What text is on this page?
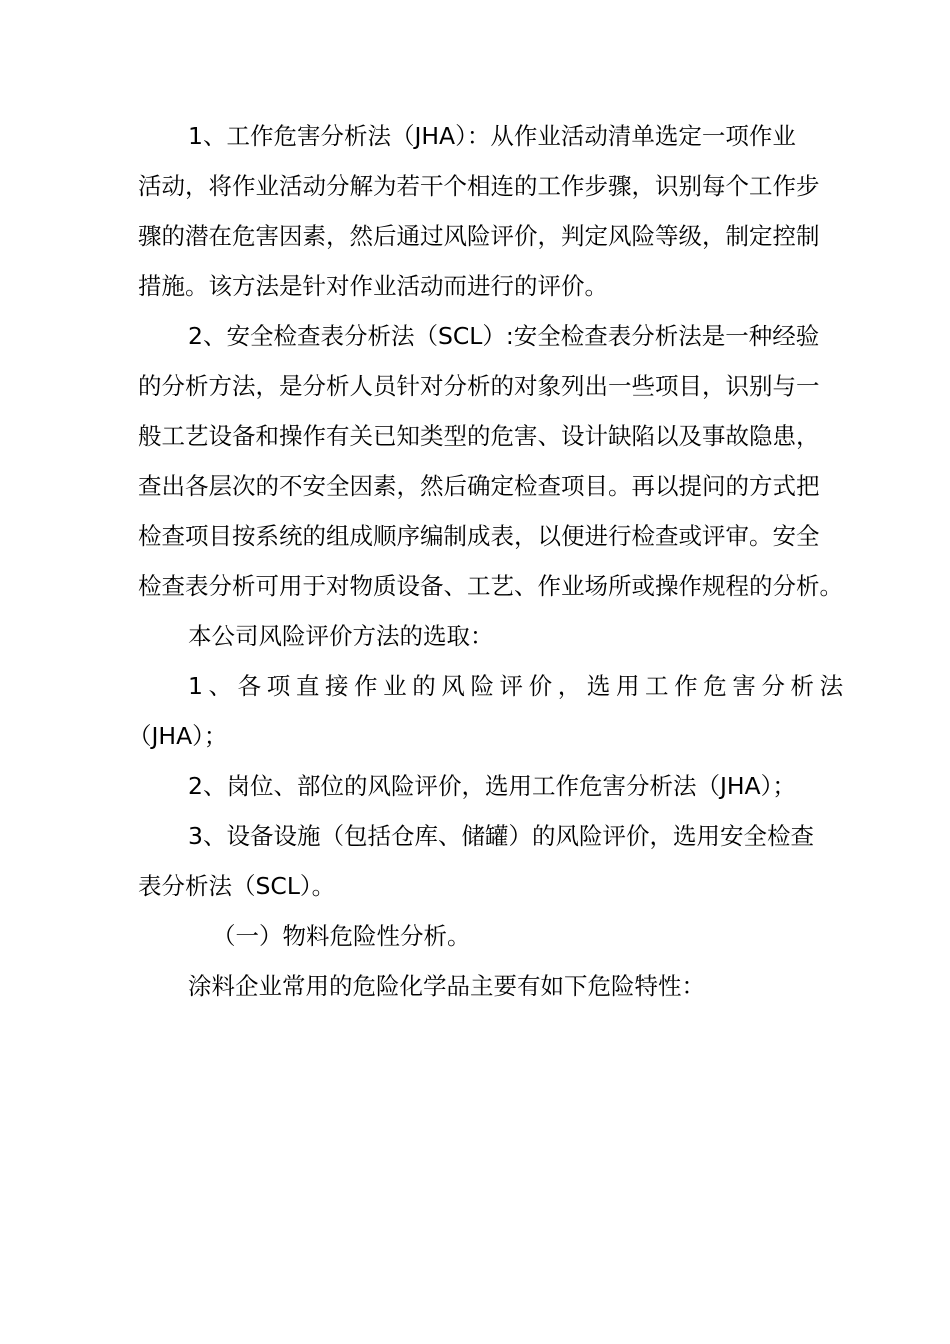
1、工作危害分析法（JHA）：从作业活动清单选定一项作业

活动，将作业活动分解为若干个相连的工作步骤，识别每个工作步

骤的潜在危害因素，然后通过风险评价，判定风险等级，制定控制

措施。该方法是针对作业活动而进行的评价。

2、安全检查表分析法（SCL）:安全检查表分析法是一种经验

的分析方法，是分析人员针对分析的对象列出一些项目，识别与一

般工艺设备和操作有关已知类型的危害、设计缺陷以及事故隐患，

查出各层次的不安全因素，然后确定检查项目。再以提问的方式把

检查项目按系统的组成顺序编制成表，以便进行检查或评审。安全

检查表分析可用于对物质设备、工艺、作业场所或操作规程的分析。

本公司风险评价方法的选取：

1、各项直接作业的风险评价，选用工作危害分析法

（JHA）；

2、岗位、部位的风险评价，选用工作危害分析法（JHA）；

3、设备设施（包括仓库、储罐）的风险评价，选用安全检查

表分析法（SCL）。

（一）物料危险性分析。

涂料企业常用的危险化学品主要有如下危险特性：
